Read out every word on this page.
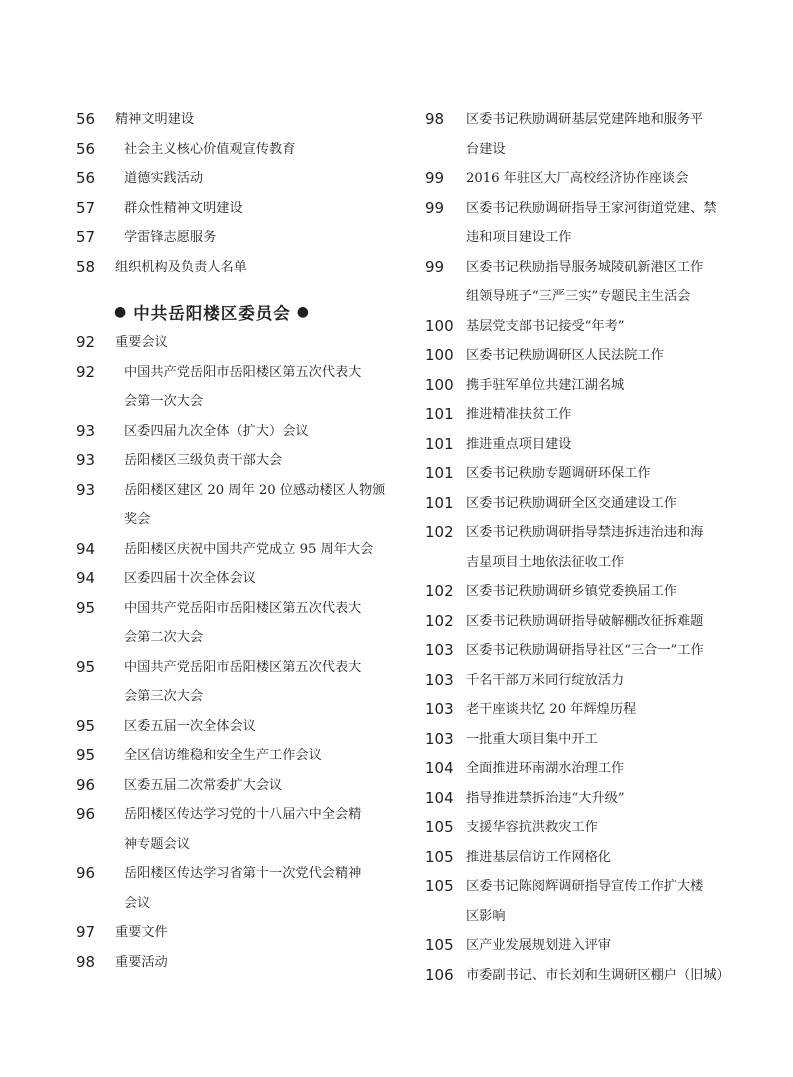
56	精神文明建设
56	社会主义核心价值观宣传教育
56	道德实践活动
57	群众性精神文明建设
57	学雷锋志愿服务
58	组织机构及负责人名单
● 中共岳阳楼区委员会 ●
92	重要会议
92	中国共产党岳阳市岳阳楼区第五次代表大
会第一次大会
93	区委四届九次全体（扩大）会议
93	岳阳楼区三级负责干部大会
93	岳阳楼区建区 20 周年 20 位感动楼区人物颁
奖会
94	岳阳楼区庆祝中国共产党成立 95 周年大会
94	区委四届十次全体会议
95	中国共产党岳阳市岳阳楼区第五次代表大
会第二次大会
95	中国共产党岳阳市岳阳楼区第五次代表大
会第三次大会
95	区委五届一次全体会议
95	全区信访维稳和安全生产工作会议
96	区委五届二次常委扩大会议
96	岳阳楼区传达学习党的十八届六中全会精
神专题会议
96	岳阳楼区传达学习省第十一次党代会精神
会议
97	重要文件
98	重要活动
98	区委书记秩励调研基层党建阵地和服务平
台建设
99	2016 年驻区大厂高校经济协作座谈会
99	区委书记秩励调研指导王家河街道党建、禁
违和项目建设工作
99	区委书记秩励指导服务城陵矶新港区工作
组领导班子“三严三实”专题民主生活会
100 基层党支部书记接受“年考”
100 区委书记秩励调研区人民法院工作
100 携手驻军单位共建江湖名城
101 推进精准扶贫工作
101 推进重点项目建设
101 区委书记秩励专题调研环保工作
101 区委书记秩励调研全区交通建设工作
102 区委书记秩励调研指导禁违拆违治违和海
吉星项目土地依法征收工作
102 区委书记秩励调研乡镇党委换届工作
102 区委书记秩励调研指导破解棚改征拆难题
103 区委书记秩励调研指导社区“三合一”工作
103 千名干部万米同行绽放活力
103 老干座谈共忆 20 年辉煌历程
103 一批重大项目集中开工
104 全面推进环南湖水治理工作
104 指导推进禁拆治违“大升级”
105 支援华容抗洪救灾工作
105 推进基层信访工作网格化
105 区委书记陈阅辉调研指导宣传工作扩大楼
区影响
105 区产业发展规划进入评审
106 市委副书记、市长刘和生调研区棚户（旧城）
